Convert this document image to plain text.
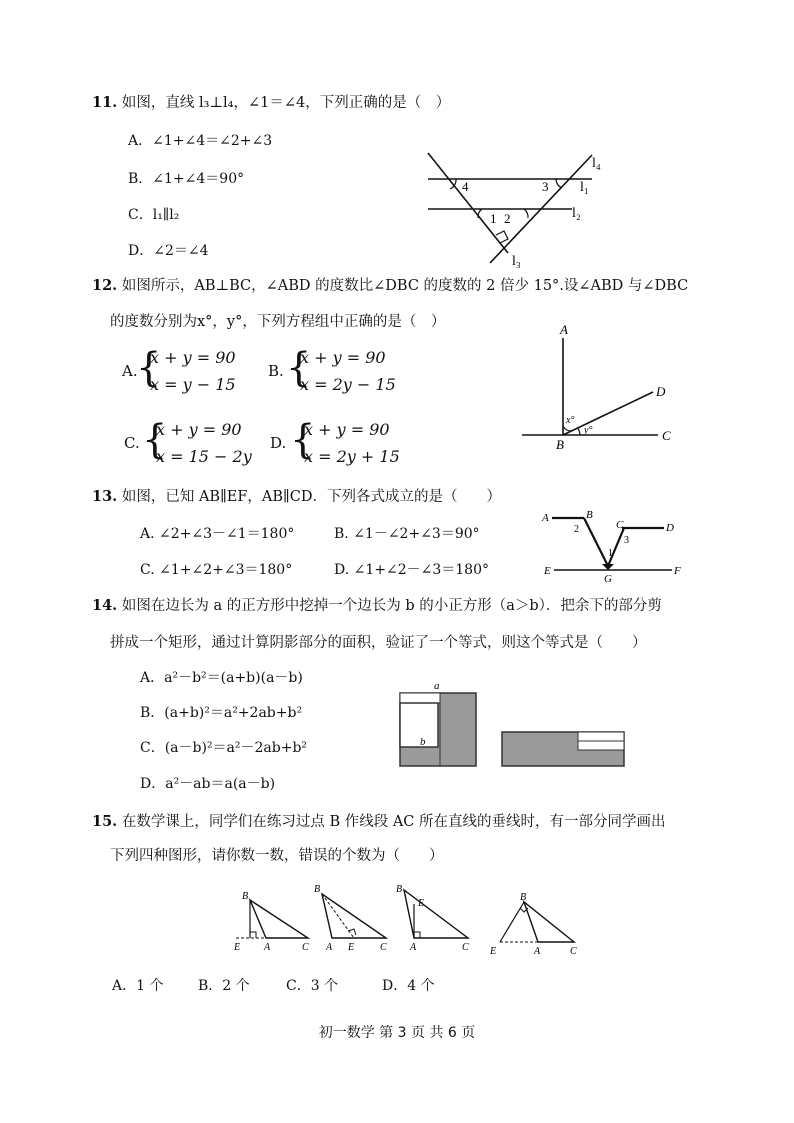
11. 如图，直线 l₃⊥l₄，∠1＝∠4，下列正确的是（　）
A．∠1+∠4＝∠2+∠3
B．∠1+∠4＝90°
C．l₁∥l₂
D．∠2＝∠4
4	3
1 2
l₄
l₁
l₂
l₃
12. 如图所示，AB⊥BC，∠ABD 的度数比∠DBC 的度数的 2 倍少 15°.设∠ABD 与∠DBC
的度数分别为x°，y°，下列方程组中正确的是（　）
A.
{
x + y = 90
x = y − 15
B. {
x + y = 90
x = 2y − 15
C. {
x + y = 90
x = 15 − 2y
D. {
x + y = 90
x = 2y + 15
A
D
C
B
x°
y°
13. 如图，已知 AB∥EF，AB∥CD．下列各式成立的是（　　）
A. ∠2+∠3－∠1＝180°	B. ∠1－∠2+∠3＝90°
C. ∠1+∠2+∠3＝180°	D. ∠1+∠2－∠3＝180°
A	B
C	D
E	F
G
2
1
3
14. 如图在边长为 a 的正方形中挖掉一个边长为 b 的小正方形（a＞b）．把余下的部分剪
拼成一个矩形，通过计算阴影部分的面积，验证了一个等式，则这个等式是（　　）
A．a²－b²＝(a+b)(a－b)
B．(a+b)²＝a²+2ab+b²
C．(a－b)²＝a²－2ab+b²
D．a²－ab＝a(a－b)
a
b
15. 在数学课上，同学们在练习过点 B 作线段 AC 所在直线的垂线时，有一部分同学画出
下列四种图形，请你数一数，错误的个数为（　　）
B
E A	C
B
A E	C
B
E
A	C
B
E	A	C
A．1 个 B．2 个	C．3 个	D．4 个
初一数学 第 3 页 共 6 页
